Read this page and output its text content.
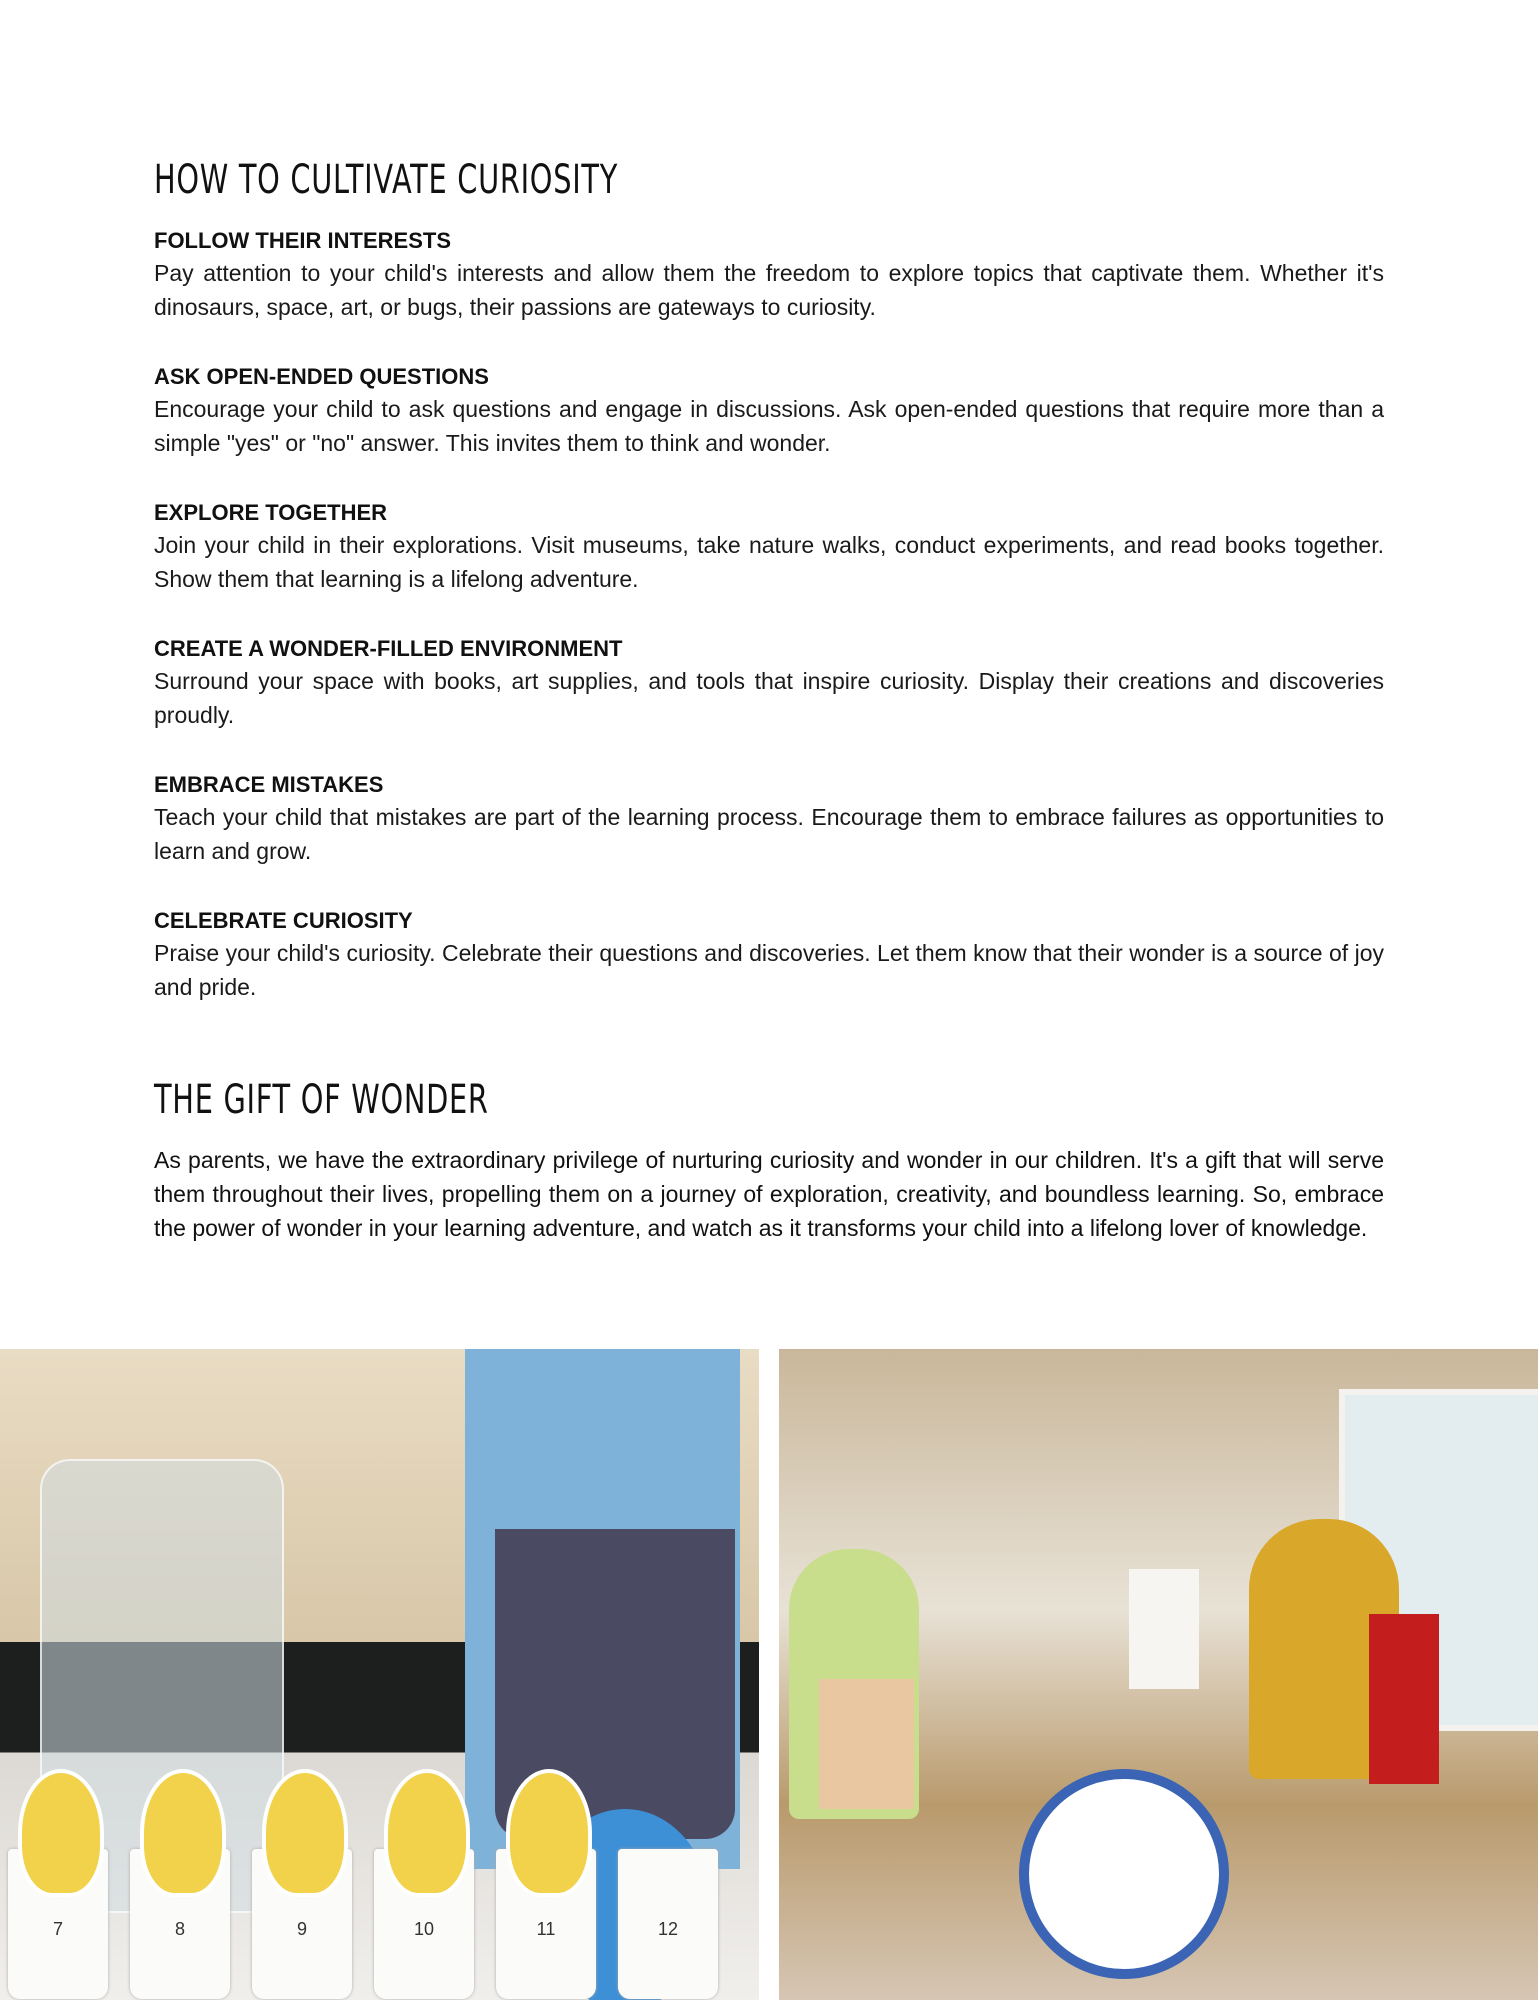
HOW TO CULTIVATE CURIOSITY
FOLLOW THEIR INTERESTS

Pay attention to your child's interests and allow them the freedom to explore topics that captivate them. Whether it's dinosaurs, space, art, or bugs, their passions are gateways to curiosity.

ASK OPEN-ENDED QUESTIONS

Encourage your child to ask questions and engage in discussions. Ask open-ended questions that require more than a simple "yes" or "no" answer. This invites them to think and wonder.

EXPLORE TOGETHER

Join your child in their explorations. Visit museums, take nature walks, conduct experiments, and read books together. Show them that learning is a lifelong adventure.

CREATE A WONDER-FILLED ENVIRONMENT

Surround your space with books, art supplies, and tools that inspire curiosity. Display their creations and discoveries proudly.

EMBRACE MISTAKES

Teach your child that mistakes are part of the learning process. Encourage them to embrace failures as opportunities to learn and grow.

CELEBRATE CURIOSITY

Praise your child's curiosity. Celebrate their questions and discoveries. Let them know that their wonder is a source of joy and pride.

THE GIFT OF WONDER

As parents, we have the extraordinary privilege of nurturing curiosity and wonder in our children. It's a gift that will serve them throughout their lives, propelling them on a journey of exploration, creativity, and boundless learning. So, embrace the power of wonder in your learning adventure, and watch as it transforms your child into a lifelong lover of knowledge.

7	8	9	10	11	12
